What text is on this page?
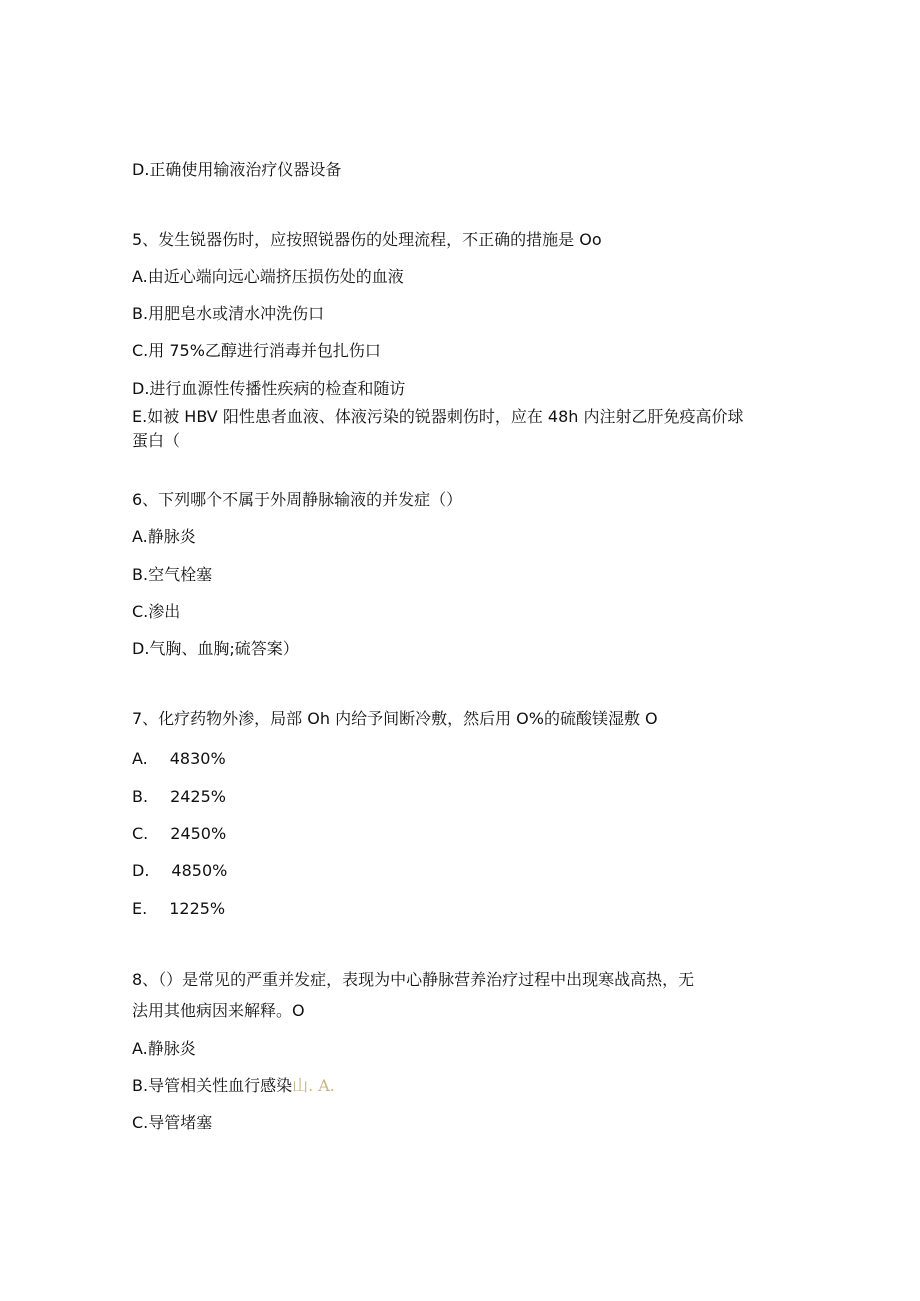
D.正确使用输液治疗仪器设备

5、发生锐器伤时，应按照锐器伤的处理流程，不正确的措施是 Oo

A.由近心端向远心端挤压损伤处的血液

B.用肥皂水或清水冲洗伤口

C.用 75%乙醇进行消毒并包扎伤口

D.进行血源性传播性疾病的检查和随访

E.如被 HBV 阳性患者血液、体液污染的锐器刺伤时，应在 48h 内注射乙肝免疫高价球

蛋白（

6、下列哪个不属于外周静脉输液的并发症（）

A.静脉炎

B.空气栓塞

C.渗出

D.气胸、血胸;硫答案）

7、化疗药物外渗，局部 Oh 内给予间断冷敷，然后用 O%的硫酸镁湿敷 O

A. 4830%

B. 2425%

C. 2450%

D. 4850%

E. 1225%

8、（）是常见的严重并发症，表现为中心静脉营养治疗过程中出现寒战高热，无

法用其他病因来解释。O

A.静脉炎

B.导管相关性血行感染山. A.

C.导管堵塞
